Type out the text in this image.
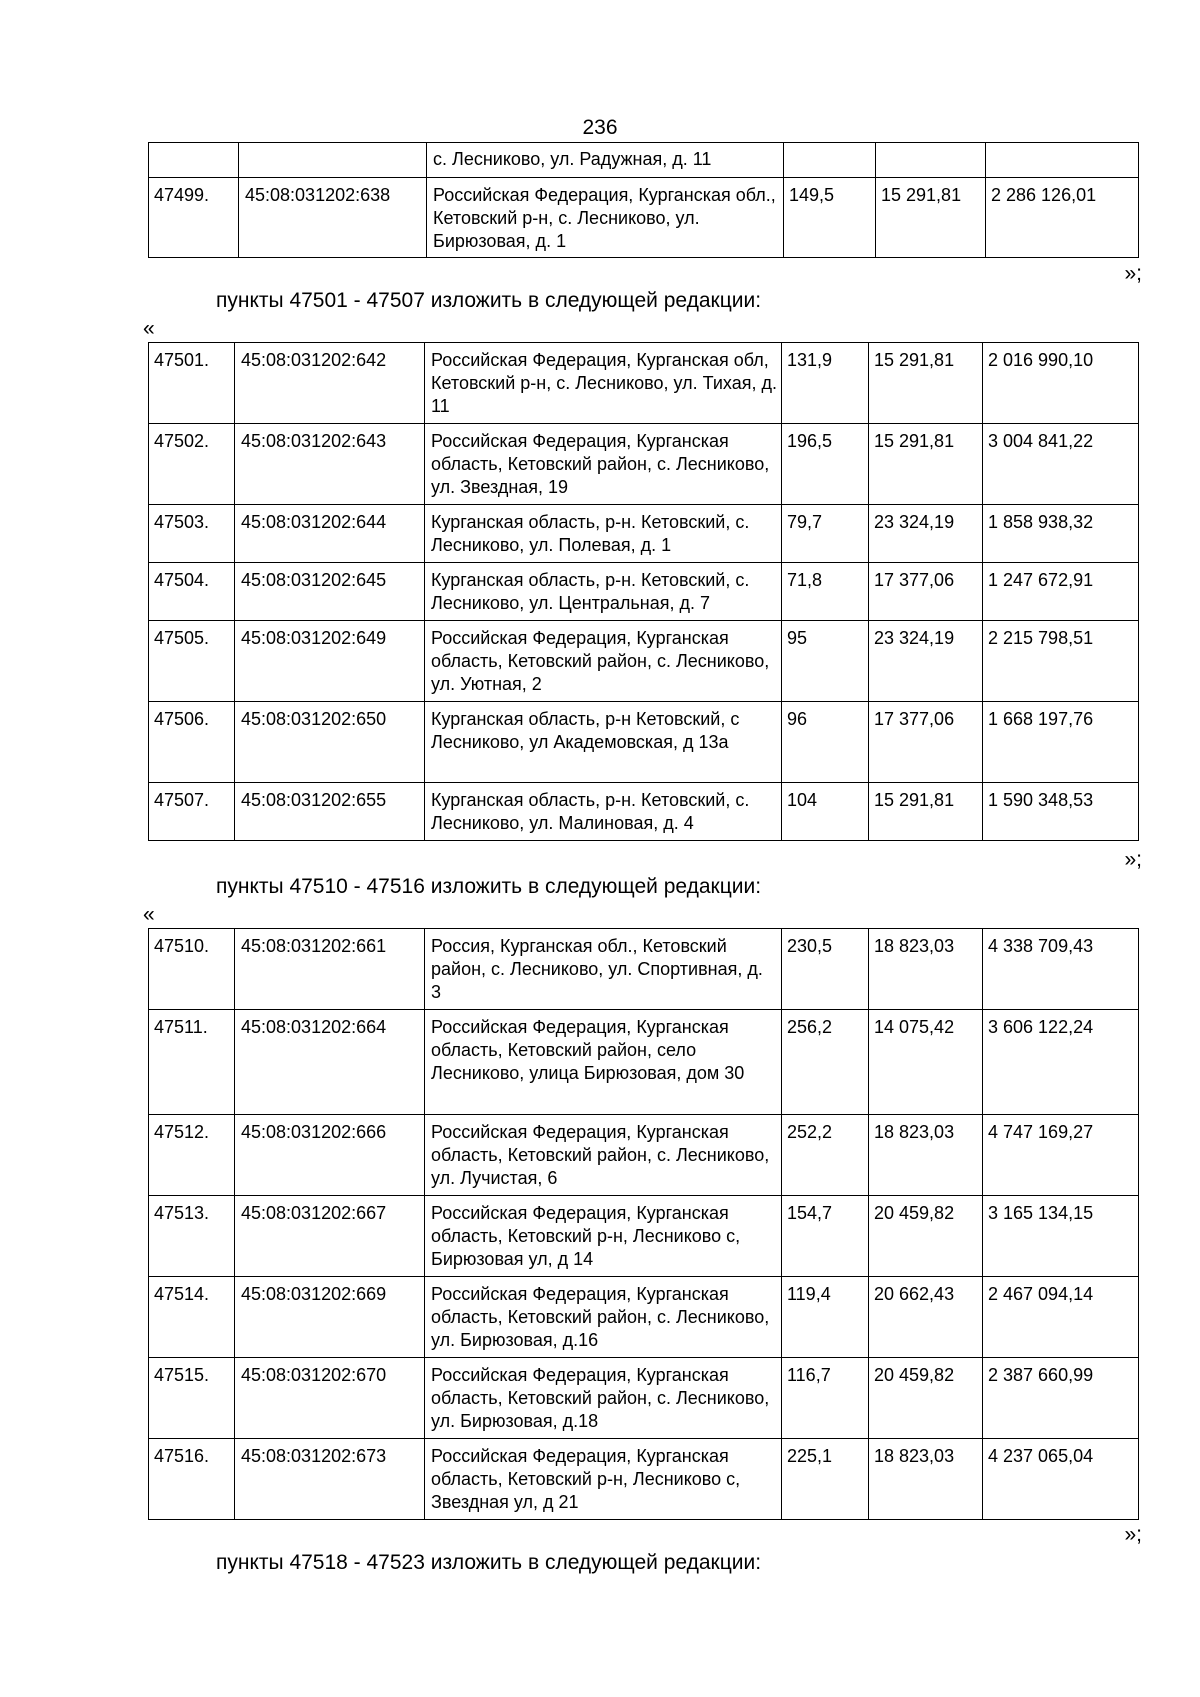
236
		с. Лесниково, ул. Радужная, д. 11			
47499.	45:08:031202:638	Российская Федерация, Курганская обл., Кетовский р-н, с. Лесниково, ул. Бирюзовая, д. 1	149,5	15 291,81	2 286 126,01
»;
пункты 47501 - 47507 изложить в следующей редакции:
«
47501.	45:08:031202:642	Российская Федерация, Курганская обл, Кетовский р-н, с. Лесниково, ул. Тихая, д. 11	131,9	15 291,81	2 016 990,10
47502.	45:08:031202:643	Российская Федерация, Курганская область, Кетовский район, с. Лесниково, ул. Звездная, 19	196,5	15 291,81	3 004 841,22
47503.	45:08:031202:644	Курганская область, р-н. Кетовский, с. Лесниково, ул. Полевая, д. 1	79,7	23 324,19	1 858 938,32
47504.	45:08:031202:645	Курганская область, р-н. Кетовский, с. Лесниково, ул. Центральная, д. 7	71,8	17 377,06	1 247 672,91
47505.	45:08:031202:649	Российская Федерация, Курганская область, Кетовский район, с. Лесниково, ул. Уютная, 2	95	23 324,19	2 215 798,51
47506.	45:08:031202:650	Курганская область, р-н Кетовский, с Лесниково, ул Академовская, д 13а	96	17 377,06	1 668 197,76
47507.	45:08:031202:655	Курганская область, р-н. Кетовский, с. Лесниково, ул. Малиновая, д. 4	104	15 291,81	1 590 348,53
»;
пункты 47510 - 47516 изложить в следующей редакции:
«
47510.	45:08:031202:661	Россия, Курганская обл., Кетовский район, с. Лесниково, ул. Спортивная, д. 3	230,5	18 823,03	4 338 709,43
47511.	45:08:031202:664	Российская Федерация, Курганская область, Кетовский район, село Лесниково, улица Бирюзовая, дом 30	256,2	14 075,42	3 606 122,24
47512.	45:08:031202:666	Российская Федерация, Курганская область, Кетовский район, с. Лесниково, ул. Лучистая, 6	252,2	18 823,03	4 747 169,27
47513.	45:08:031202:667	Российская Федерация, Курганская область, Кетовский р-н, Лесниково с, Бирюзовая ул, д 14	154,7	20 459,82	3 165 134,15
47514.	45:08:031202:669	Российская Федерация, Курганская область, Кетовский район, с. Лесниково, ул. Бирюзовая, д.16	119,4	20 662,43	2 467 094,14
47515.	45:08:031202:670	Российская Федерация, Курганская область, Кетовский район, с. Лесниково, ул. Бирюзовая, д.18	116,7	20 459,82	2 387 660,99
47516.	45:08:031202:673	Российская Федерация, Курганская область, Кетовский р-н, Лесниково с, Звездная ул, д 21	225,1	18 823,03	4 237 065,04
»;
пункты 47518 - 47523 изложить в следующей редакции:
